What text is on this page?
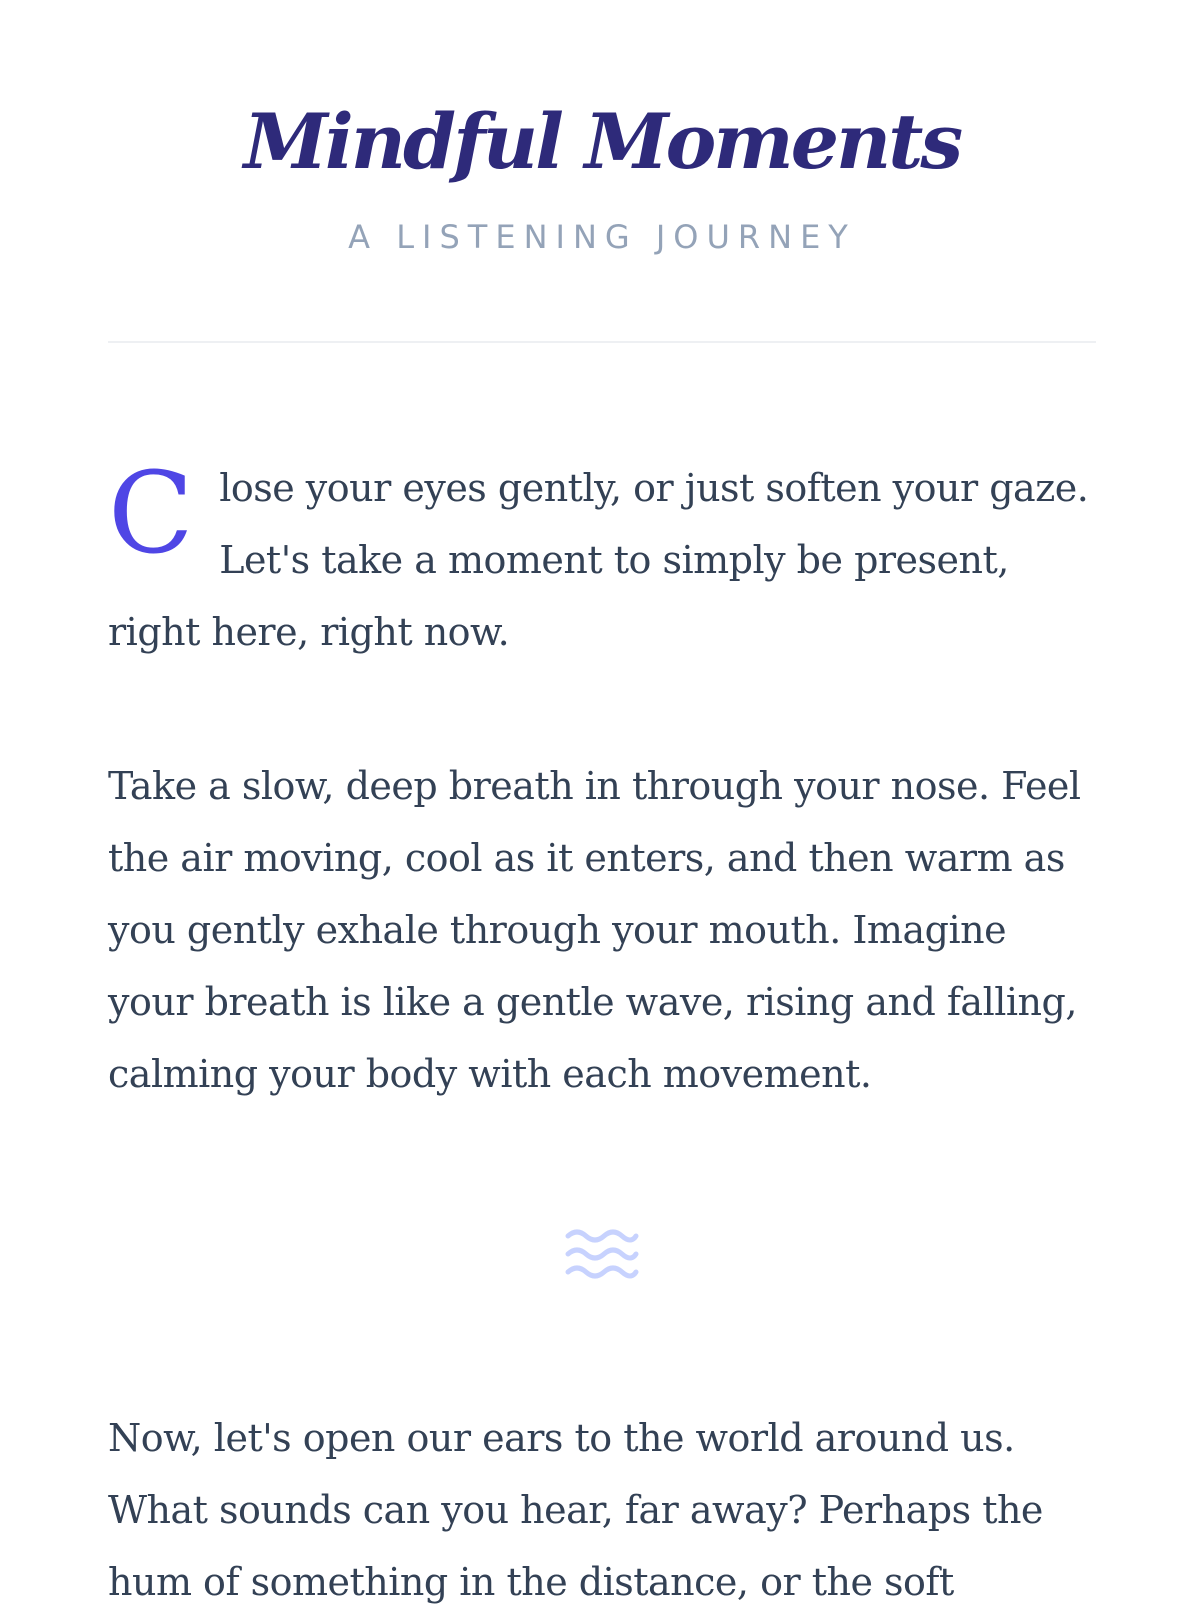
Mindful Moments
A LISTENING JOURNEY

Close your eyes gently, or just soften your gaze. Let's take a moment to simply be present, right here, right now.

Take a slow, deep breath in through your nose. Feel the air moving, cool as it enters, and then warm as you gently exhale through your mouth. Imagine your breath is like a gentle wave, rising and falling, calming your body with each movement.

Now, let's open our ears to the world around us. What sounds can you hear, far away? Perhaps the hum of something in the distance, or the soft
